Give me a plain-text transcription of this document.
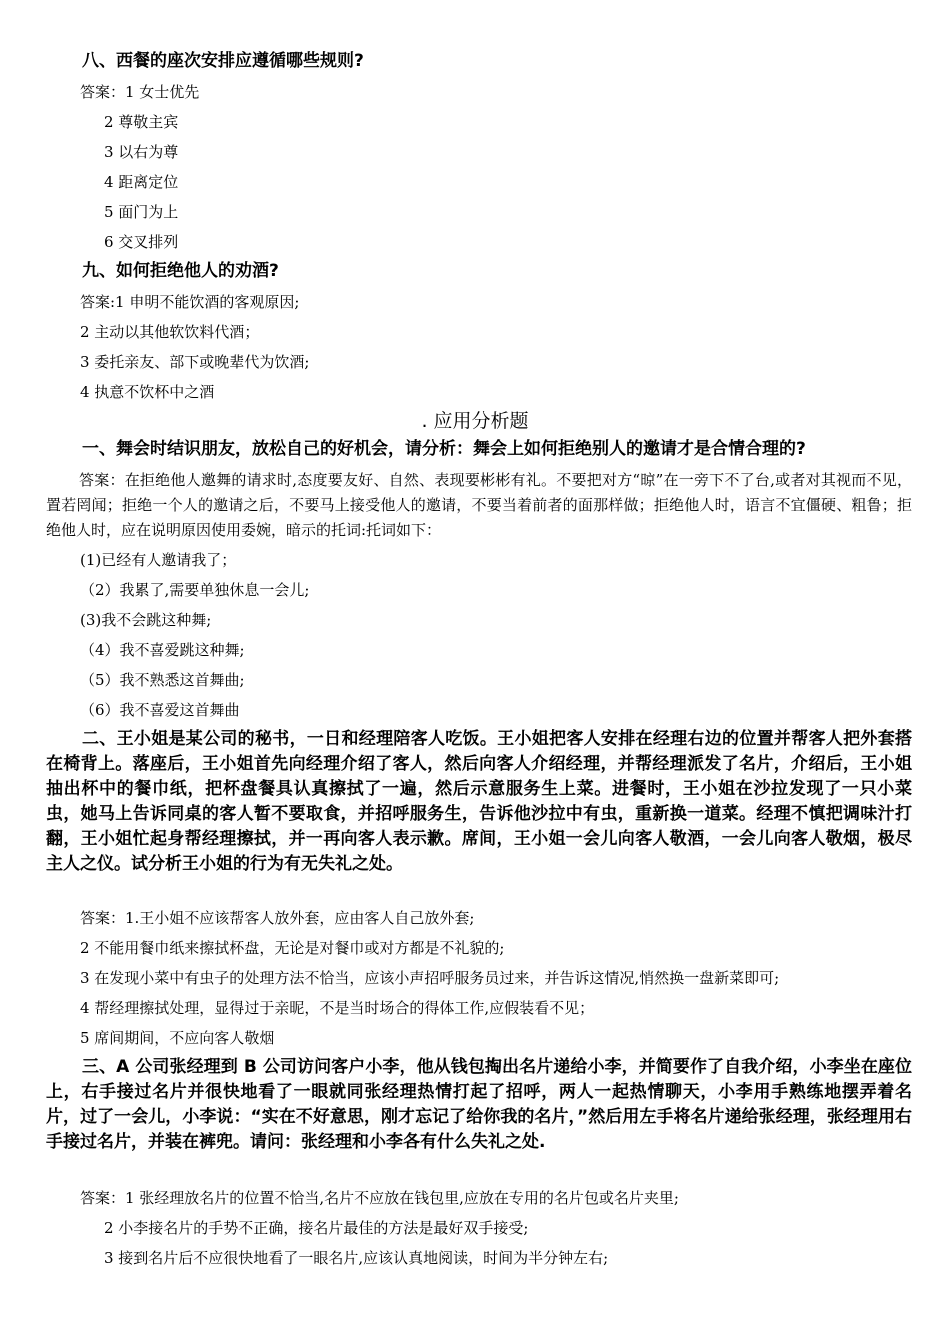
八、西餐的座次安排应遵循哪些规则?
答案：1 女士优先
2 尊敬主宾
3 以右为尊
4 距离定位
5 面门为上
6 交叉排列
九、如何拒绝他人的劝酒?
答案:1 申明不能饮酒的客观原因;
2 主动以其他软饮料代酒；
3 委托亲友、部下或晚辈代为饮酒;
4 执意不饮杯中之酒
. 应用分析题
一、舞会时结识朋友，放松自己的好机会，请分析：舞会上如何拒绝别人的邀请才是合情合理的?
答案：在拒绝他人邀舞的请求时,态度要友好、自然、表现要彬彬有礼。不要把对方“晾”在一旁下不了台,或者对其视而不见，置若罔闻；拒绝一个人的邀请之后，不要马上接受他人的邀请，不要当着前者的面那样做；拒绝他人时，语言不宜僵硬、粗鲁；拒绝他人时，应在说明原因使用委婉，暗示的托词:托词如下：
(1)已经有人邀请我了；
（2）我累了,需要单独休息一会儿;
(3)我不会跳这种舞;
（4）我不喜爱跳这种舞;
（5）我不熟悉这首舞曲;
（6）我不喜爱这首舞曲
二、王小姐是某公司的秘书，一日和经理陪客人吃饭。王小姐把客人安排在经理右边的位置并帮客人把外套搭在椅背上。落座后，王小姐首先向经理介绍了客人，然后向客人介绍经理，并帮经理派发了名片，介绍后，王小姐抽出杯中的餐巾纸，把杯盘餐具认真擦拭了一遍，然后示意服务生上菜。进餐时，王小姐在沙拉发现了一只小菜虫，她马上告诉同桌的客人暂不要取食，并招呼服务生，告诉他沙拉中有虫，重新换一道菜。经理不慎把调味汁打翻，王小姐忙起身帮经理擦拭，并一再向客人表示歉。席间，王小姐一会儿向客人敬酒，一会儿向客人敬烟，极尽主人之仪。试分析王小姐的行为有无失礼之处。
答案：1.王小姐不应该帮客人放外套，应由客人自己放外套;
2 不能用餐巾纸来擦拭杯盘，无论是对餐巾或对方都是不礼貌的;
3 在发现小菜中有虫子的处理方法不恰当，应该小声招呼服务员过来，并告诉这情况,悄然换一盘新菜即可;
4 帮经理擦拭处理，显得过于亲昵，不是当时场合的得体工作,应假装看不见；
5 席间期间，不应向客人敬烟
三、A 公司张经理到 B 公司访问客户小李，他从钱包掏出名片递给小李，并简要作了自我介绍，小李坐在座位上，右手接过名片并很快地看了一眼就同张经理热情打起了招呼，两人一起热情聊天，小李用手熟练地摆弄着名片，过了一会儿，小李说：“实在不好意思，刚才忘记了给你我的名片，”然后用左手将名片递给张经理，张经理用右手接过名片，并装在裤兜。请问：张经理和小李各有什么失礼之处.
答案：1 张经理放名片的位置不恰当,名片不应放在钱包里,应放在专用的名片包或名片夹里;
2 小李接名片的手势不正确，接名片最佳的方法是最好双手接受;
3 接到名片后不应很快地看了一眼名片,应该认真地阅读，时间为半分钟左右;
